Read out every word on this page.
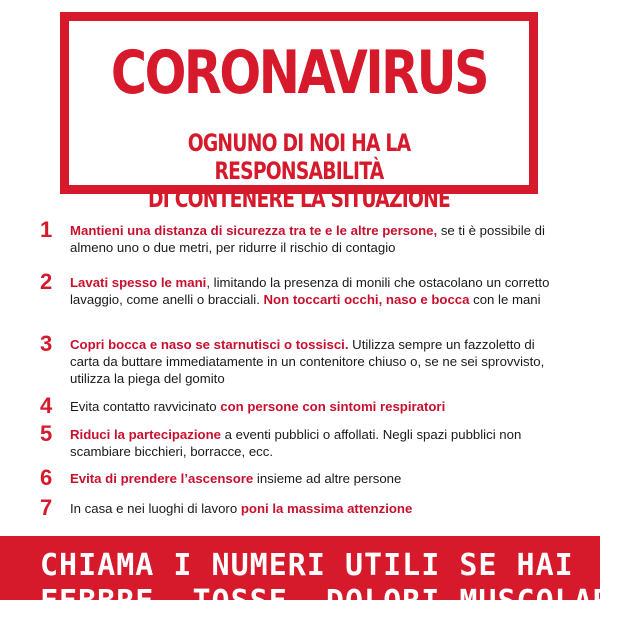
CORONAVIRUS
OGNUNO DI NOI HA LA RESPONSABILITÀ
DI CONTENERE LA SITUAZIONE
1 Mantieni una distanza di sicurezza tra te e le altre persone, se ti è possibile di almeno uno o due metri, per ridurre il rischio di contagio
2 Lavati spesso le mani, limitando la presenza di monili che ostacolano un corretto lavaggio, come anelli o bracciali. Non toccarti occhi, naso e bocca con le mani
3 Copri bocca e naso se starnutisci o tossisci. Utilizza sempre un fazzoletto di carta da buttare immediatamente in un contenitore chiuso o, se ne sei sprovvisto, utilizza la piega del gomito
4 Evita contatto ravvicinato con persone con sintomi respiratori
5 Riduci la partecipazione a eventi pubblici o affollati. Negli spazi pubblici non scambiare bicchieri, borracce, ecc.
6 Evita di prendere l’ascensore insieme ad altre persone
7 In casa e nei luoghi di lavoro poni la massima attenzione
CHIAMA I NUMERI UTILI SE HAI
FEBBRE, TOSSE, DOLORI MUSCOLARI
